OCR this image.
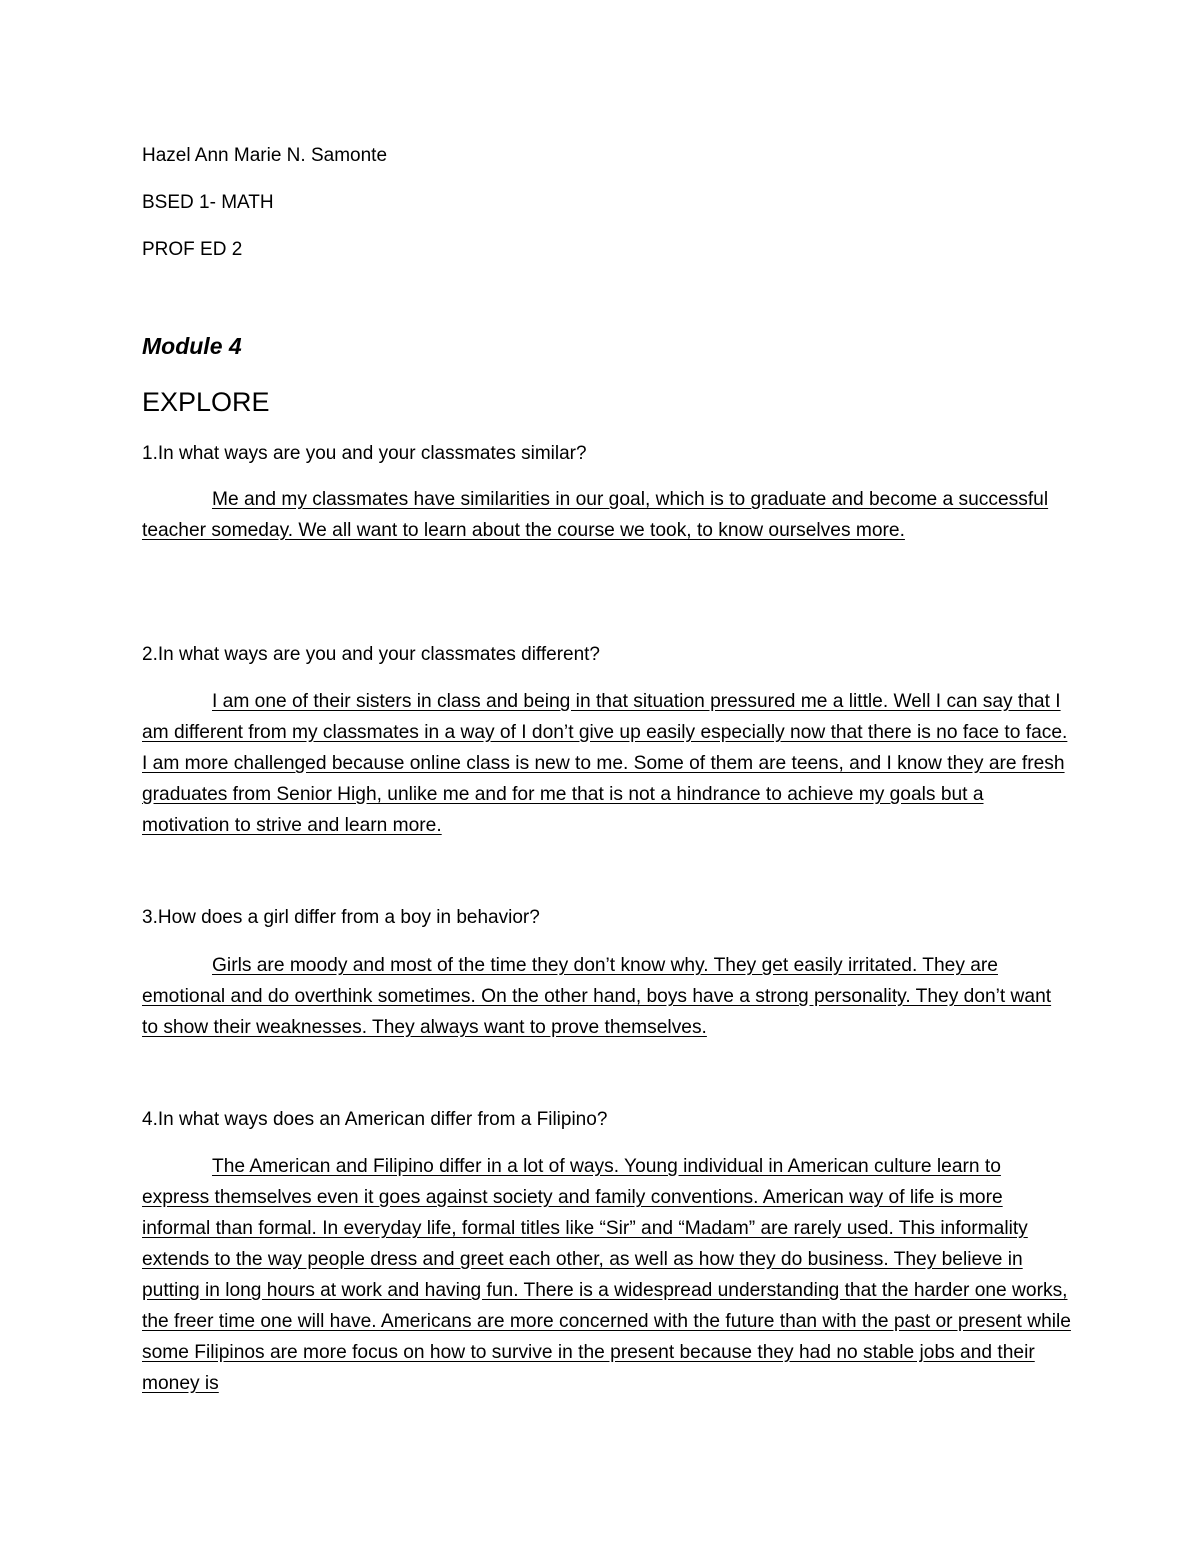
Hazel Ann Marie N. Samonte
BSED 1- MATH
PROF ED 2
Module 4
EXPLORE
1.In what ways are you and your classmates similar?

Me and my classmates have similarities in our goal, which is to graduate and become a successful teacher someday. We all want to learn about the course we took, to know ourselves more.

2.In what ways are you and your classmates different?

I am one of their sisters in class and being in that situation pressured me a little. Well I can say that I am different from my classmates in a way of I don’t give up easily especially now that there is no face to face. I am more challenged because online class is new to me. Some of them are teens, and I know they are fresh graduates from Senior High, unlike me and for me that is not a hindrance to achieve my goals but a motivation to strive and learn more.

3.How does a girl differ from a boy in behavior?

Girls are moody and most of the time they don’t know why. They get easily irritated. They are emotional and do overthink sometimes. On the other hand, boys have a strong personality. They don’t want to show their weaknesses. They always want to prove themselves.

4.In what ways does an American differ from a Filipino?

The American and Filipino differ in a lot of ways. Young individual in American culture learn to express themselves even it goes against society and family conventions. American way of life is more informal than formal. In everyday life, formal titles like “Sir” and “Madam” are rarely used. This informality extends to the way people dress and greet each other, as well as how they do business. They believe in putting in long hours at work and having fun. There is a widespread understanding that the harder one works, the freer time one will have. Americans are more concerned with the future than with the past or present while some Filipinos are more focus on how to survive in the present because they had no stable jobs and their money is
